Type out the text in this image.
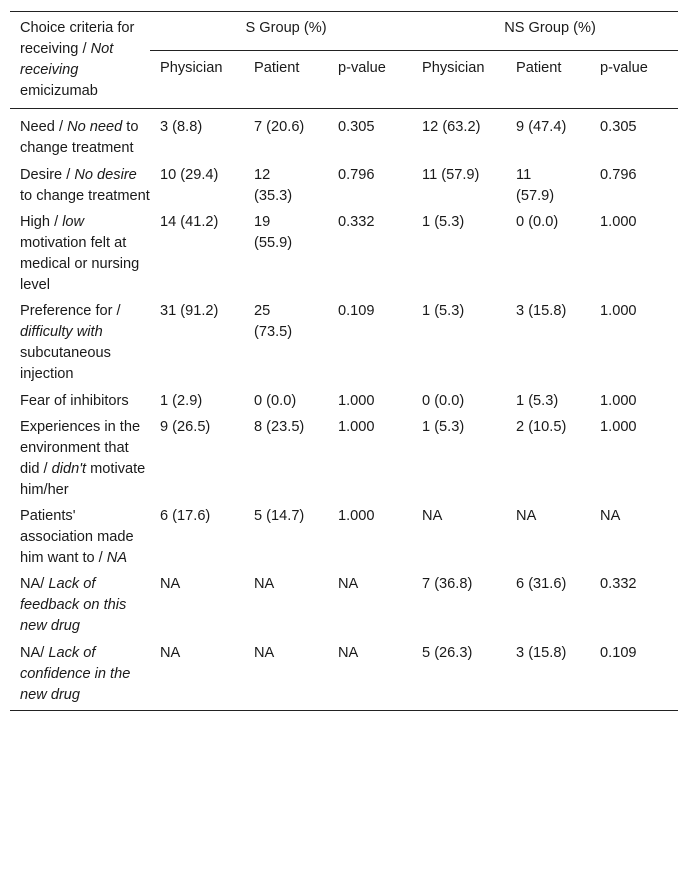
Choice criteria for receiving / Not receiving emicizumab	S Group (%)			NS Group (%)		
	Physician	Patient	p-value	Physician	Patient	p-value
Need / No need to change treatment	3 (8.8)	7 (20.6)	0.305	12 (63.2)	9 (47.4)	0.305
Desire / No desire to change treatment	10 (29.4)	12 (35.3)	0.796	11 (57.9)	11 (57.9)	0.796
High / low motivation felt at medical or nursing level	14 (41.2)	19 (55.9)	0.332	1 (5.3)	0 (0.0)	1.000
Preference for / difficulty with subcutaneous injection	31 (91.2)	25 (73.5)	0.109	1 (5.3)	3 (15.8)	1.000
Fear of inhibitors	1 (2.9)	0 (0.0)	1.000	0 (0.0)	1 (5.3)	1.000
Experiences in the environment that did / didn't motivate him/her	9 (26.5)	8 (23.5)	1.000	1 (5.3)	2 (10.5)	1.000
Patients' association made him want to / NA	6 (17.6)	5 (14.7)	1.000	NA	NA	NA
NA/ Lack of feedback on this new drug	NA	NA	NA	7 (36.8)	6 (31.6)	0.332
NA/ Lack of confidence in the new drug	NA	NA	NA	5 (26.3)	3 (15.8)	0.109
